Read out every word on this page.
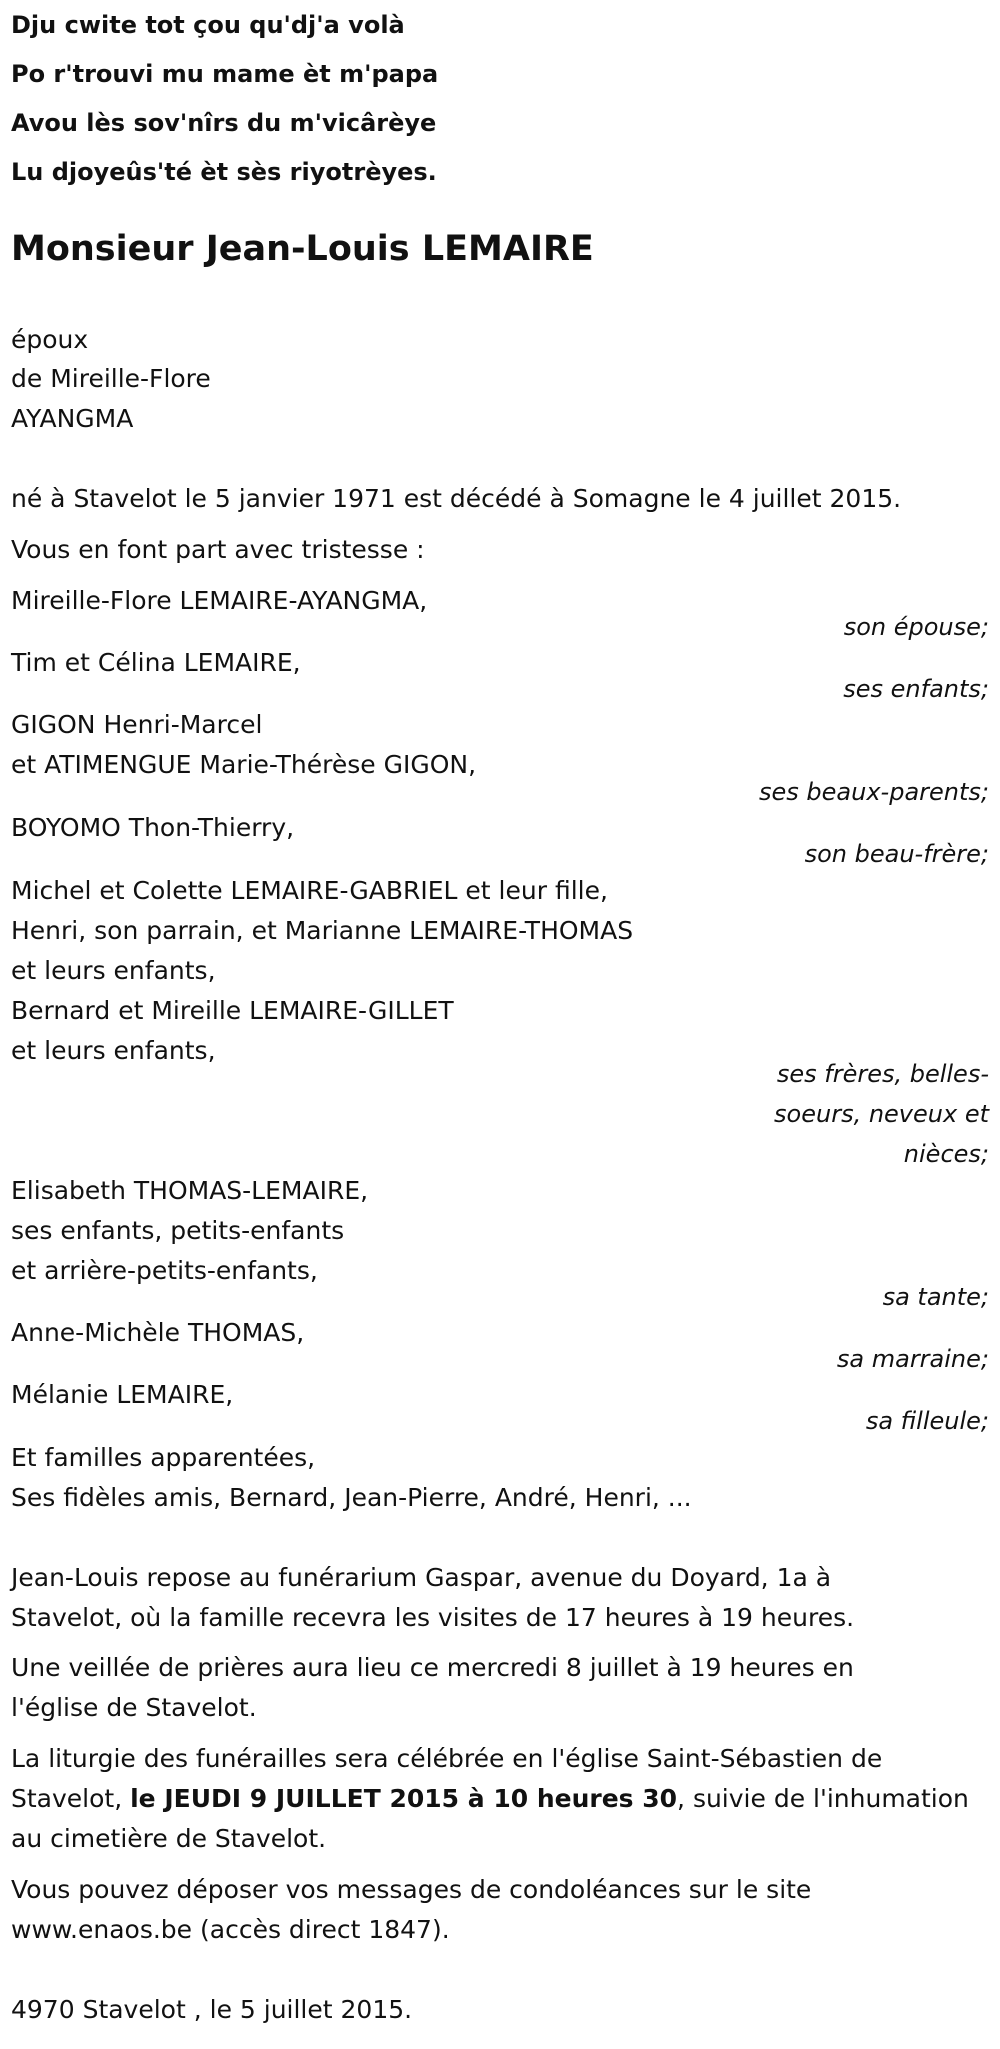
Dju cwite tot çou qu'dj'a volà
Po r'trouvi mu mame èt m'papa
Avou lès sov'nîrs du m'vicârèye
Lu djoyeûs'té èt sès riyotrèyes.
Monsieur Jean-Louis LEMAIRE
époux
de Mireille-Flore
AYANGMA
né à Stavelot le 5 janvier 1971 est décédé à Somagne le 4 juillet 2015.
Vous en font part avec tristesse :
Mireille-Flore LEMAIRE-AYANGMA,
son épouse;
Tim et Célina LEMAIRE,
ses enfants;
GIGON Henri-Marcel
et ATIMENGUE Marie-Thérèse GIGON,
ses beaux-parents;
BOYOMO Thon-Thierry,
son beau-frère;
Michel et Colette LEMAIRE-GABRIEL et leur fille,
Henri, son parrain, et Marianne LEMAIRE-THOMAS
et leurs enfants,
Bernard et Mireille LEMAIRE-GILLET
et leurs enfants,
ses frères, belles-
soeurs, neveux et
nièces;
Elisabeth THOMAS-LEMAIRE,
ses enfants, petits-enfants
et arrière-petits-enfants,
sa tante;
Anne-Michèle THOMAS,
sa marraine;
Mélanie LEMAIRE,
sa filleule;
Et familles apparentées,
Ses fidèles amis, Bernard, Jean-Pierre, André, Henri, ...
Jean-Louis repose au funérarium Gaspar, avenue du Doyard, 1a à
Stavelot, où la famille recevra les visites de 17 heures à 19 heures.
Une veillée de prières aura lieu ce mercredi 8 juillet à 19 heures en
l'église de Stavelot.
La liturgie des funérailles sera célébrée en l'église Saint-Sébastien de
Stavelot, le JEUDI 9 JUILLET 2015 à 10 heures 30, suivie de l'inhumation
au cimetière de Stavelot.
Vous pouvez déposer vos messages de condoléances sur le site
www.enaos.be (accès direct 1847).
4970 Stavelot , le 5 juillet 2015.
